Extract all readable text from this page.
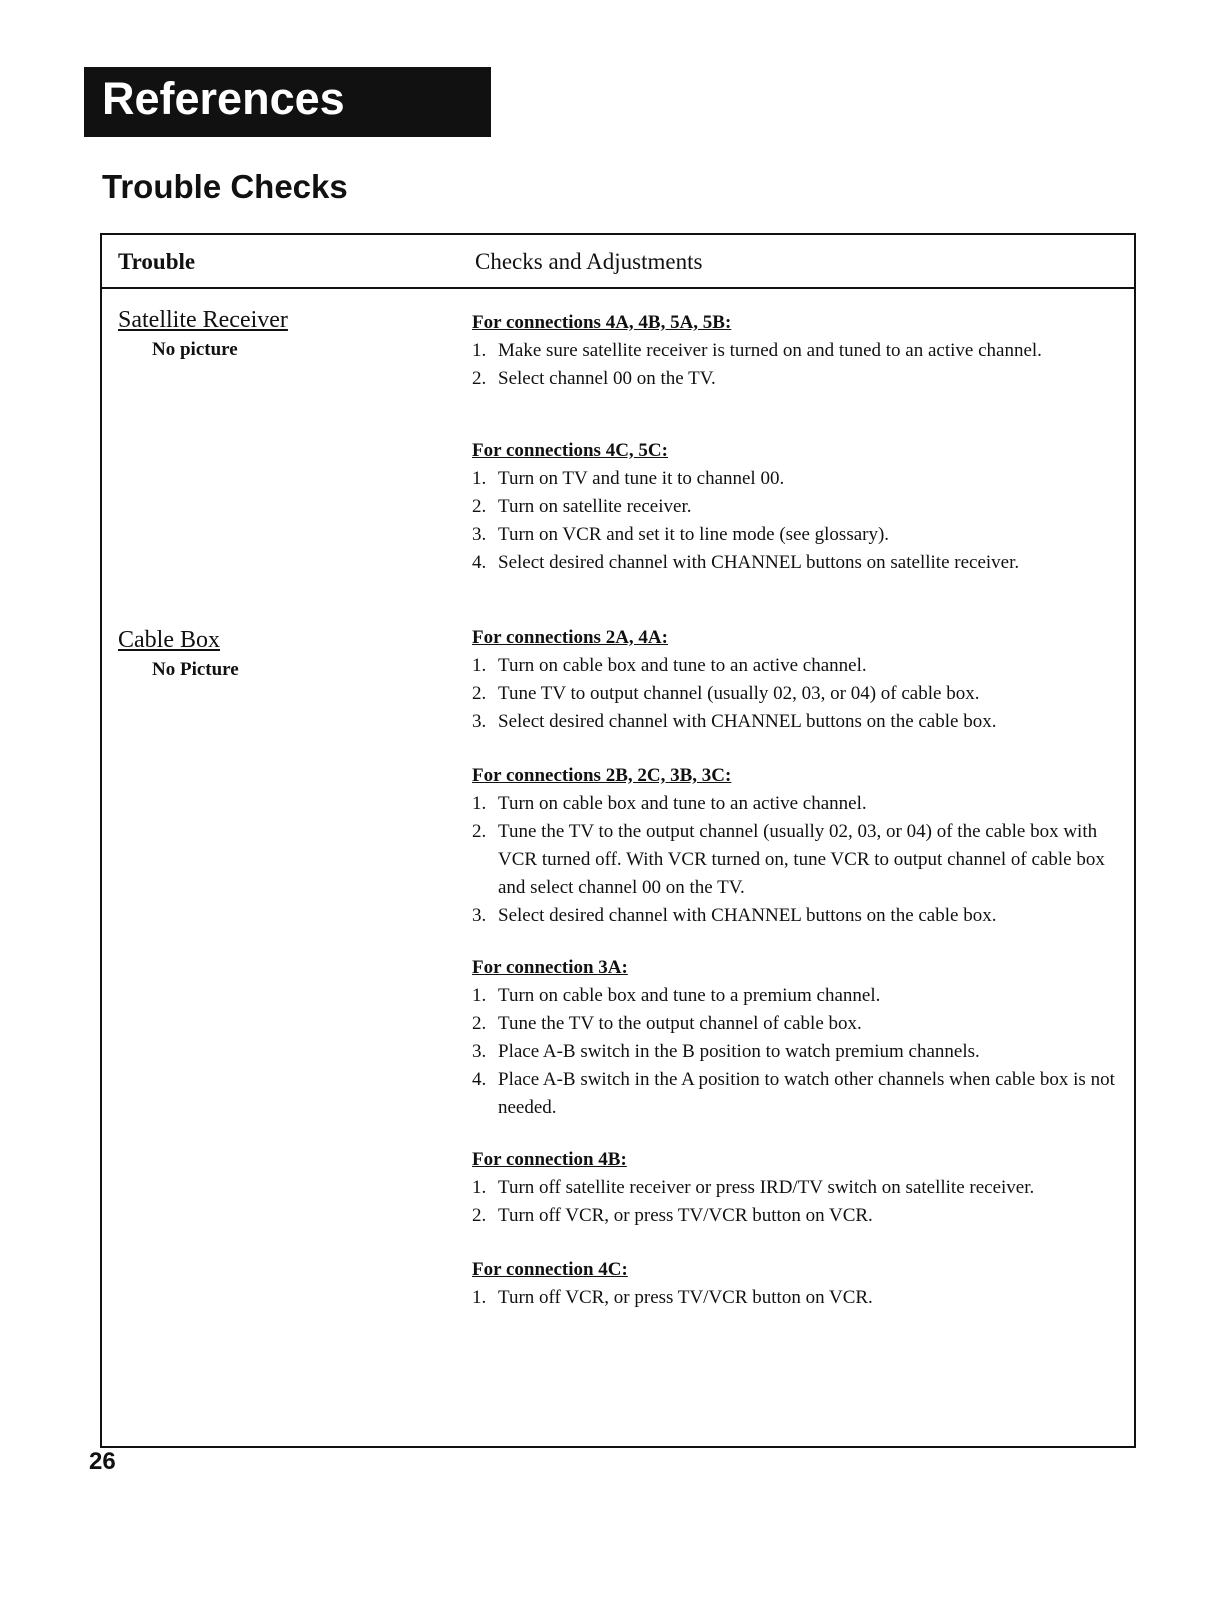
References
Trouble Checks
Trouble	Checks and Adjustments
Satellite Receiver
No picture
For connections 4A, 4B, 5A, 5B:
1. Make sure satellite receiver is turned on and tuned to an active channel.
2. Select channel 00 on the TV.
For connections 4C, 5C:
1. Turn on TV and tune it to channel 00.
2. Turn on satellite receiver.
3. Turn on VCR and set it to line mode (see glossary).
4. Select desired channel with CHANNEL buttons on satellite receiver.
Cable Box
No Picture
For connections 2A, 4A:
1. Turn on cable box and tune to an active channel.
2. Tune TV to output channel (usually 02, 03, or 04) of cable box.
3. Select desired channel with CHANNEL buttons on the cable box.
For connections 2B, 2C, 3B, 3C:
1. Turn on cable box and tune to an active channel.
2. Tune the TV to the output channel (usually 02, 03, or 04) of the cable box with VCR turned off. With VCR turned on, tune VCR to output channel of cable box and select channel 00 on the TV.
3. Select desired channel with CHANNEL buttons on the cable box.
For connection 3A:
1. Turn on cable box and tune to a premium channel.
2. Tune the TV to the output channel of cable box.
3. Place A-B switch in the B position to watch premium channels.
4. Place A-B switch in the A position to watch other channels when cable box is not needed.
For connection 4B:
1. Turn off satellite receiver or press IRD/TV switch on satellite receiver.
2. Turn off VCR, or press TV/VCR button on VCR.
For connection 4C:
1. Turn off VCR, or press TV/VCR button on VCR.
26
